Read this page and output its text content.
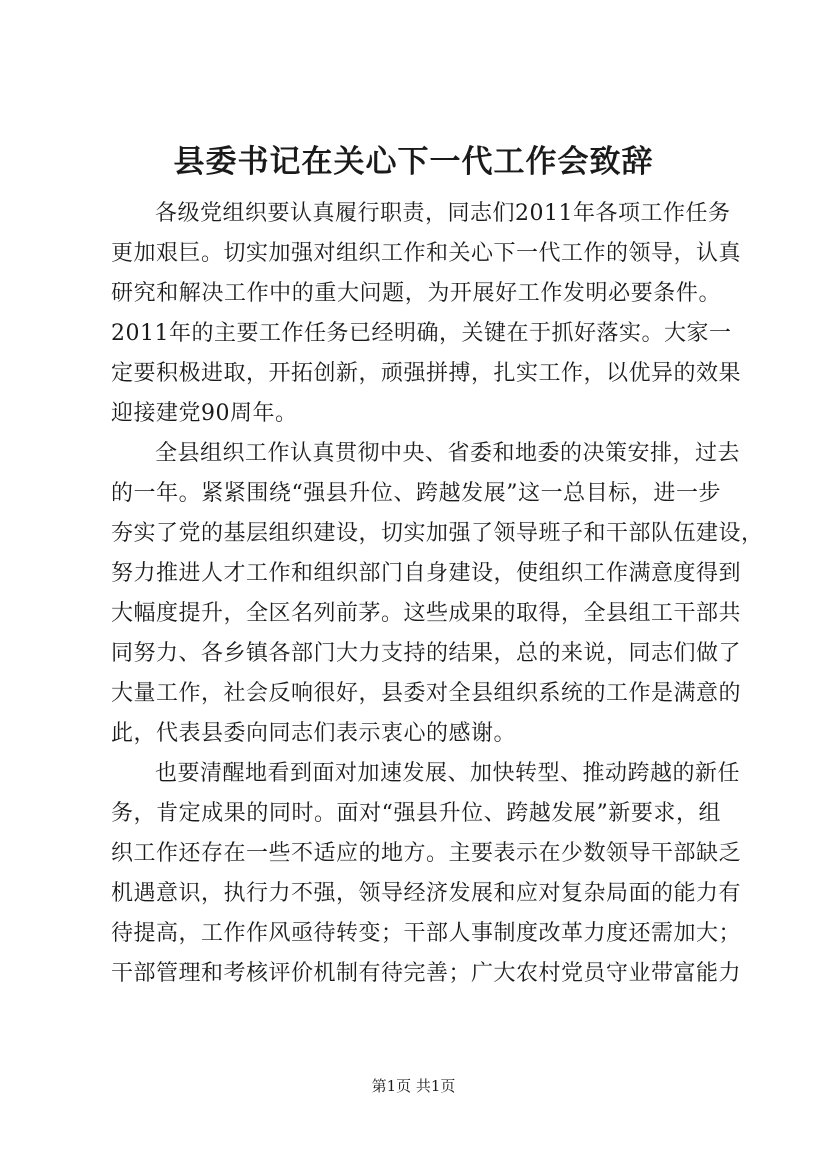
县委书记在关心下一代工作会致辞
各级党组织要认真履行职责，同志们2011年各项工作任务
更加艰巨。切实加强对组织工作和关心下一代工作的领导，认真
研究和解决工作中的重大问题，为开展好工作发明必要条件。
2011年的主要工作任务已经明确，关键在于抓好落实。大家一
定要积极进取，开拓创新，顽强拼搏，扎实工作，以优异的效果
迎接建党90周年。
全县组织工作认真贯彻中央、省委和地委的决策安排，过去
的一年。紧紧围绕“强县升位、跨越发展”这一总目标，进一步
夯实了党的基层组织建设，切实加强了领导班子和干部队伍建设，
努力推进人才工作和组织部门自身建设，使组织工作满意度得到
大幅度提升，全区名列前茅。这些成果的取得，全县组工干部共
同努力、各乡镇各部门大力支持的结果，总的来说，同志们做了
大量工作，社会反响很好，县委对全县组织系统的工作是满意的
此，代表县委向同志们表示衷心的感谢。
也要清醒地看到面对加速发展、加快转型、推动跨越的新任
务，肯定成果的同时。面对“强县升位、跨越发展”新要求，组
织工作还存在一些不适应的地方。主要表示在少数领导干部缺乏
机遇意识，执行力不强，领导经济发展和应对复杂局面的能力有
待提高，工作作风亟待转变；干部人事制度改革力度还需加大；
干部管理和考核评价机制有待完善；广大农村党员守业带富能力
第1页 共1页
